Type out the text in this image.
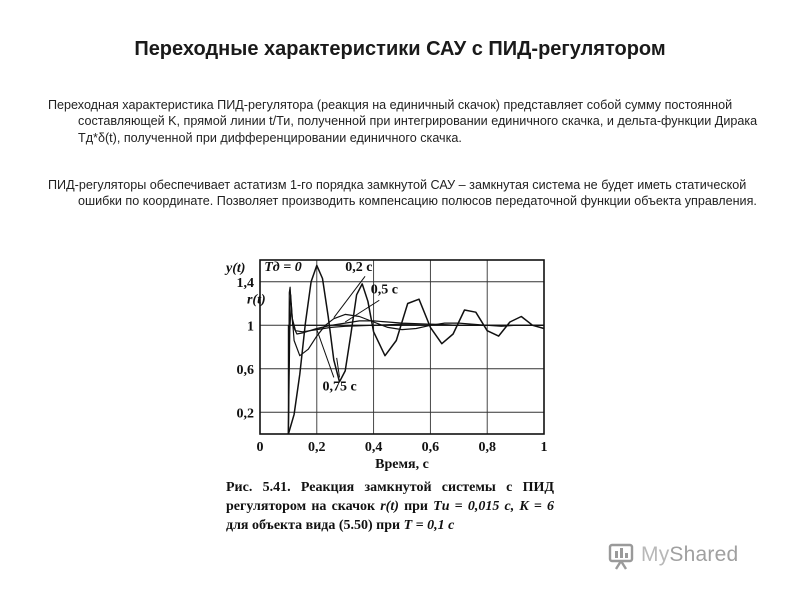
Переходные характеристики САУ с ПИД-регулятором
Переходная характеристика ПИД-регулятора (реакция на единичный скачок) представляет собой сумму постоянной составляющей K, прямой линии t/Ти, полученной при интегрировании единичного скачка, и дельта-функции Дирака Тд*δ(t), полученной при дифференцировании единичного скачка.
ПИД-регуляторы обеспечивает астатизм 1-го порядка замкнутой САУ – замкнутая система не будет иметь статической ошибки по координате. Позволяет производить компенсацию полюсов передаточной функции объекта управления.
0	0,2	0,4	0,6	0,8	1
0,2
0,6
1
1,4
Время, с
y(t) Tд = 0	0,2 с
0,5 с
0,75 с
r(t)
Рис. 5.41. Реакция замкнутой системы с ПИД регулятором на скачок r(t) при Tи = 0,015 с, K = 6 для объекта вида (5.50) при T = 0,1 с
MyShared
